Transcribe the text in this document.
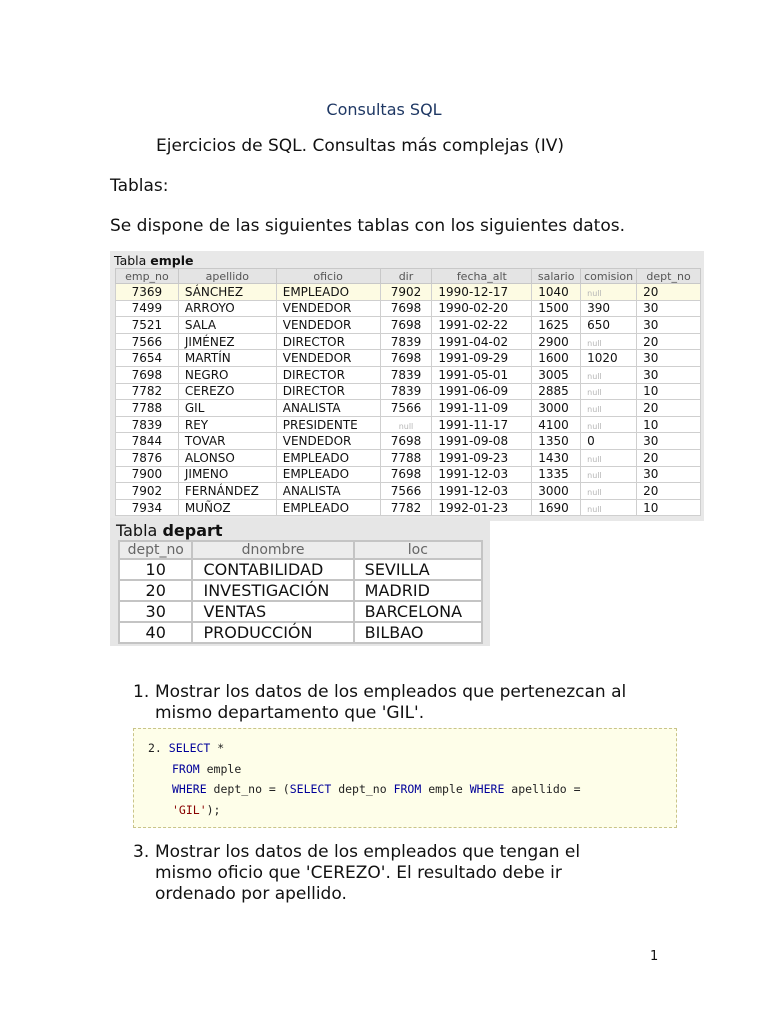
Consultas SQL
Ejercicios de SQL. Consultas más complejas (IV)
Tablas:
Se dispone de las siguientes tablas con los siguientes datos.
Tabla emple
emp_no	apellido	oficio	dir	fecha_alt	salario	comision	dept_no
7369	SÁNCHEZ	EMPLEADO	7902	1990-12-17	1040	null	20
7499	ARROYO	VENDEDOR	7698	1990-02-20	1500	390	30
7521	SALA	VENDEDOR	7698	1991-02-22	1625	650	30
7566	JIMÉNEZ	DIRECTOR	7839	1991-04-02	2900	null	20
7654	MARTÍN	VENDEDOR	7698	1991-09-29	1600	1020	30
7698	NEGRO	DIRECTOR	7839	1991-05-01	3005	null	30
7782	CEREZO	DIRECTOR	7839	1991-06-09	2885	null	10
7788	GIL	ANALISTA	7566	1991-11-09	3000	null	20
7839	REY	PRESIDENTE	null	1991-11-17	4100	null	10
7844	TOVAR	VENDEDOR	7698	1991-09-08	1350	0	30
7876	ALONSO	EMPLEADO	7788	1991-09-23	1430	null	20
7900	JIMENO	EMPLEADO	7698	1991-12-03	1335	null	30
7902	FERNÁNDEZ	ANALISTA	7566	1991-12-03	3000	null	20
7934	MUÑOZ	EMPLEADO	7782	1992-01-23	1690	null	10
Tabla depart
dept_no	dnombre	loc
10	CONTABILIDAD	SEVILLA
20	INVESTIGACIÓN	MADRID
30	VENTAS	BARCELONA
40	PRODUCCIÓN	BILBAO
1. Mostrar los datos de los empleados que pertenezcan al
mismo departamento que 'GIL'.
2. SELECT *
FROM emple
WHERE dept_no = (SELECT dept_no FROM emple WHERE apellido =
'GIL');
3. Mostrar los datos de los empleados que tengan el
mismo oficio que 'CEREZO'. El resultado debe ir
ordenado por apellido.
1
